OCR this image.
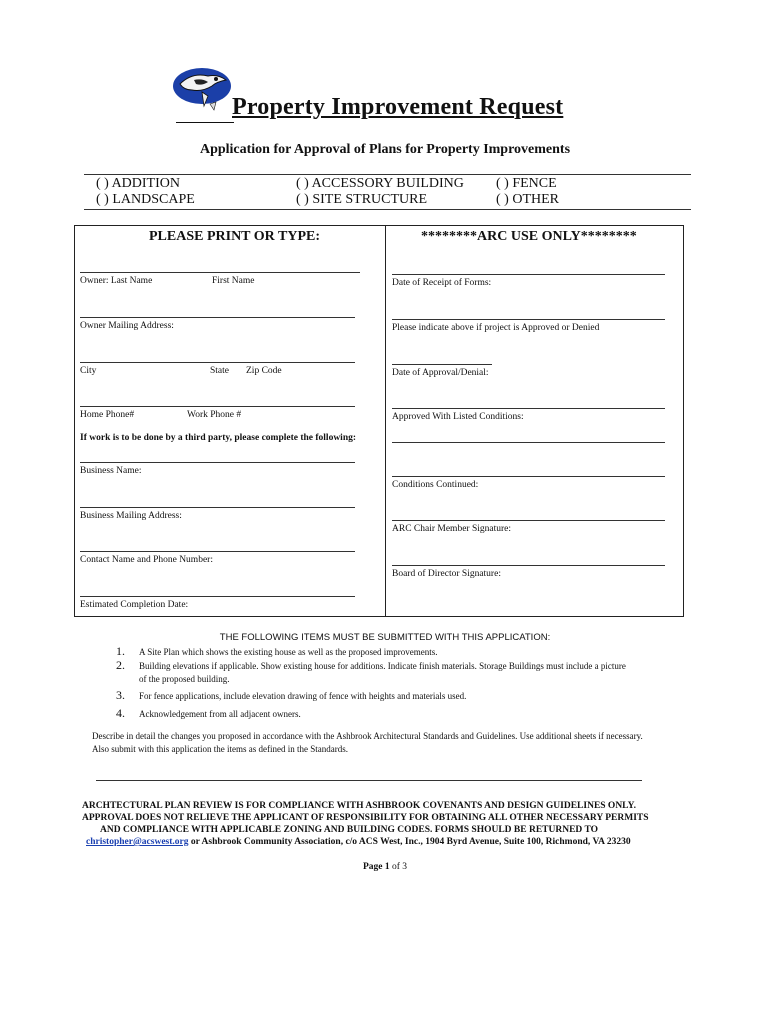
Property Improvement Request
Application for Approval of Plans for Property Improvements
( ) ADDITION	( ) ACCESSORY BUILDING ( ) FENCE
( ) LANDSCAPE	( ) SITE STRUCTURE	( ) OTHER
PLEASE PRINT OR TYPE:
Owner: Last Name	First Name
Owner Mailing Address:
City	State Zip Code
Home Phone#	Work Phone #
If work is to be done by a third party, please complete the following:
Business Name:
Business Mailing Address:
Contact Name and Phone Number:
Estimated Completion Date:
********ARC USE ONLY********
Date of Receipt of Forms:
Please indicate above if project is Approved or Denied
Date of Approval/Denial:
Approved With Listed Conditions:
Conditions Continued:
ARC Chair Member Signature:
Board of Director Signature:
THE FOLLOWING ITEMS MUST BE SUBMITTED WITH THIS APPLICATION:
1. A Site Plan which shows the existing house as well as the proposed improvements.
2. Building elevations if applicable. Show existing house for additions. Indicate finish materials. Storage Buildings must include a picture
of the proposed building.
3. For fence applications, include elevation drawing of fence with heights and materials used.
4. Acknowledgement from all adjacent owners.
Describe in detail the changes you proposed in accordance with the Ashbrook Architectural Standards and Guidelines. Use additional sheets if necessary.
Also submit with this application the items as defined in the Standards.
ARCHTECTURAL PLAN REVIEW IS FOR COMPLIANCE WITH ASHBROOK COVENANTS AND DESIGN GUIDELINES ONLY.
APPROVAL DOES NOT RELIEVE THE APPLICANT OF RESPONSIBILITY FOR OBTAINING ALL OTHER NECESSARY PERMITS
AND COMPLIANCE WITH APPLICABLE ZONING AND BUILDING CODES. FORMS SHOULD BE RETURNED TO
christopher@acswest.org or Ashbrook Community Association, c/o ACS West, Inc., 1904 Byrd Avenue, Suite 100, Richmond, VA 23230
Page 1 of 3
